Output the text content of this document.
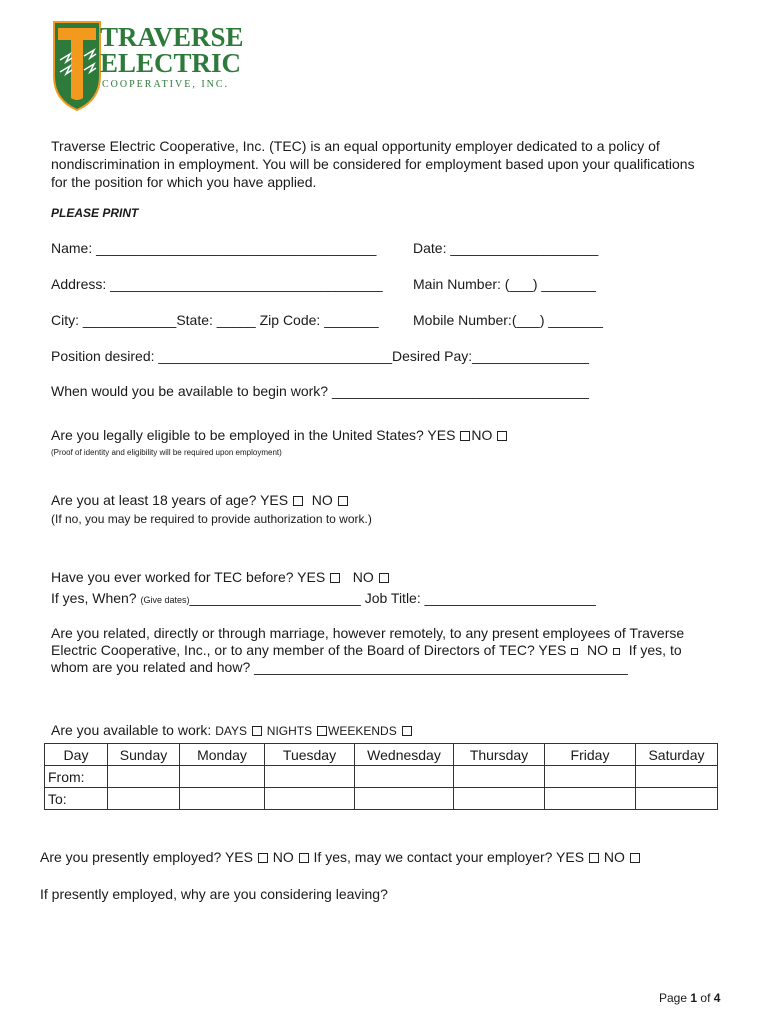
TRAVERSE
ELECTRIC
COOPERATIVE, INC.
Traverse Electric Cooperative, Inc. (TEC) is an equal opportunity employer dedicated to a policy of nondiscrimination in employment. You will be considered for employment based upon your qualifications for the position for which you have applied.
PLEASE PRINT
Name: ____________________________________	Date: ___________________
Address: ___________________________________ Main Number: (___) _______
City: ____________State: _____ Zip Code: _______ Mobile Number:(___) _______
Position desired: ______________________________Desired Pay:_______________
When would you be available to begin work? _________________________________
Are you legally eligible to be employed in the United States? YES NO
(Proof of identity and eligibility will be required upon employment)
Are you at least 18 years of age? YES NO
(If no, you may be required to provide authorization to work.)
Have you ever worked for TEC before? YES NO
If yes, When? (Give dates)______________________ Job Title: ______________________
Are you related, directly or through marriage, however remotely, to any present employees of Traverse
Electric Cooperative, Inc., or to any member of the Board of Directors of TEC? YES NO If yes, to
whom are you related and how? ________________________________________________
Are you available to work: DAYS NIGHTS WEEKENDS
Day	Sunday	Monday	Tuesday	Wednesday	Thursday	Friday	Saturday
From:							
To:							
Are you presently employed? YES NO If yes, may we contact your employer? YES NO
If presently employed, why are you considering leaving?
Page 1 of 4
